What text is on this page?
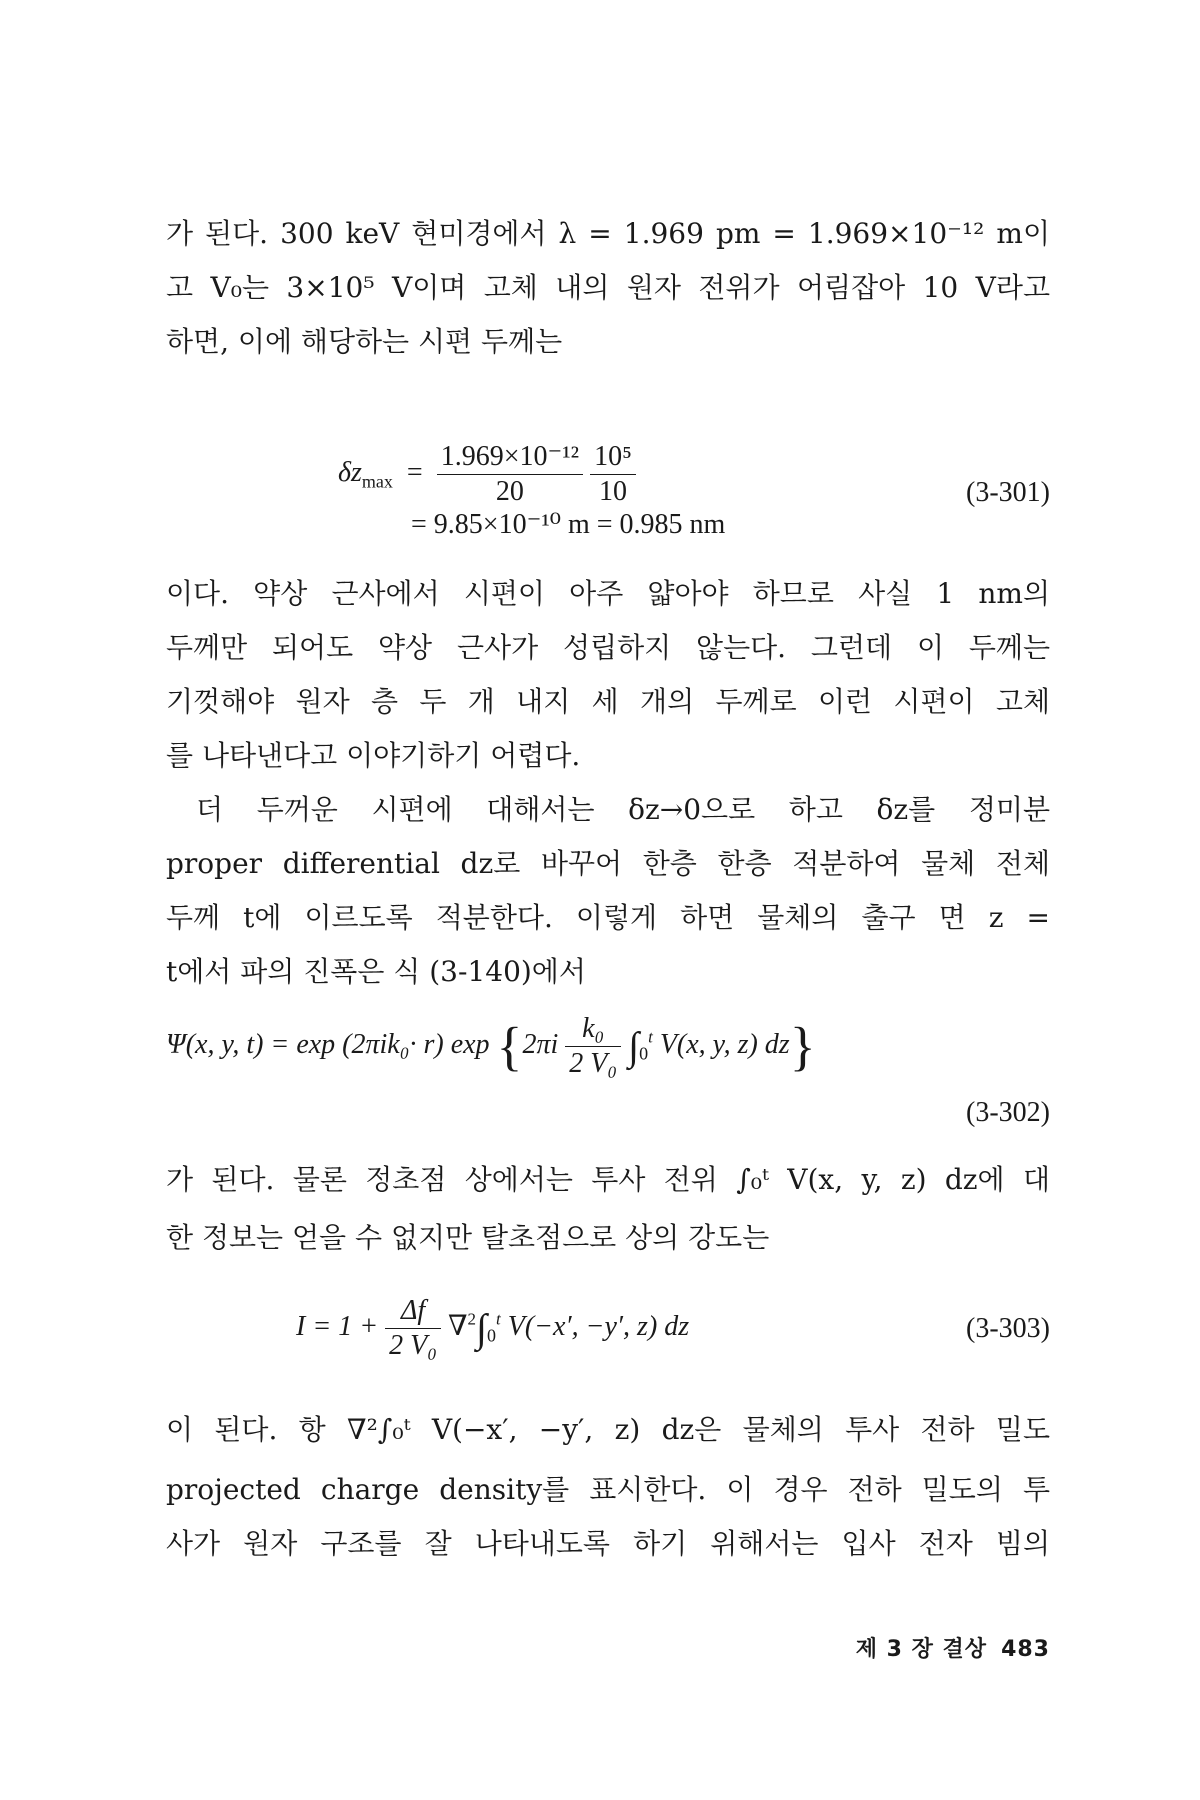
가 된다. 300 keV 현미경에서 λ = 1.969 pm = 1.969×10⁻¹² m이
고 V₀는 3×10⁵ V이며 고체 내의 원자 전위가 어림잡아 10 V라고
하면, 이에 해당하는 시편 두께는
$\delta z_{max} = \frac{\text{1.969×10⁻¹²}}{20}$
$\frac{\text{10⁵}}{10}$	(3-301)
= 9.85×10⁻¹⁰ m = 0.985 nm
이다. 약상 근사에서 시편이 아주 얇아야 하므로 사실 1 nm의
두께만 되어도 약상 근사가 성립하지 않는다. 그런데 이 두께는
기껏해야 원자 층 두 개 내지 세 개의 두께로 이런 시편이 고체
를 나타낸다고 이야기하기 어렵다.
더 두꺼운 시편에 대해서는 δz→0으로 하고 δz를 정미분
proper differential dz로 바꾸어 한층 한층 적분하여 물체 전체
두께 t에 이르도록 적분한다. 이렇게 하면 물체의 출구 면 z =
t에서 파의 진폭은 식 (3-140)에서
Ψ(x, y, t) = exp (2πik₀· r) $\exp \{2\pi i \frac{\text{k₀}}{\text{2 V₀}} \int_0^t$ V(x, y, z) dz}
(3-302)
가 된다. 물론 정초점 상에서는 투사 전위 ∫₀ᵗ V(x, y, z) dz에 대
한 정보는 얻을 수 없지만 탈초점으로 상의 강도는
$I = 1 + \frac{\Delta f}{\text{2 V₀}} \nabla^2\int_0^t$ V(−x′, −y′, z) dz	(3-303)
이 된다. 항 ∇²∫₀ᵗ V(−x′, −y′, z) dz은 물체의 투사 전하 밀도
projected charge density를 표시한다. 이 경우 전하 밀도의 투
사가 원자 구조를 잘 나타내도록 하기 위해서는 입사 전자 빔의
제 3 장 결상 483
